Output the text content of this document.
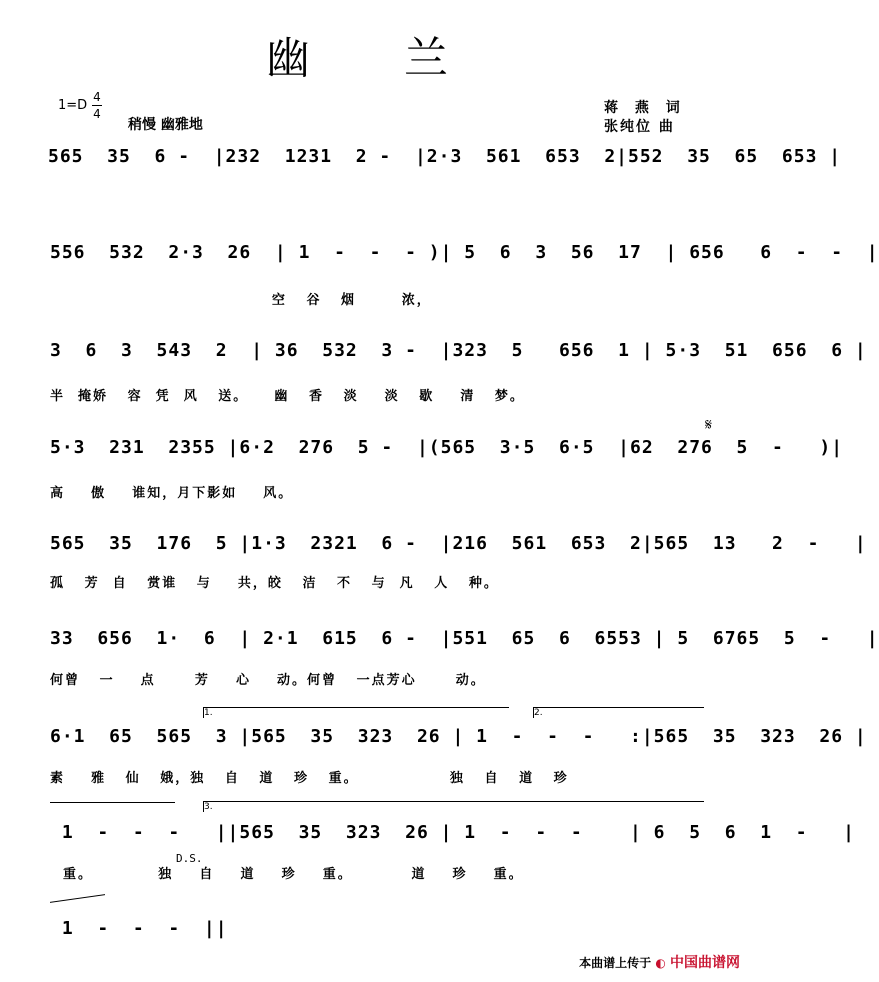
幽 兰
1=D
4
4
稍慢 幽雅地
蒋 燕 词
张纯位 曲
𝄋
565  35  6 -  |232  1231  2 -  |2·3  561  653  2|552  35  65  653 |
556  532  2·3  26  | 1  -  -  - )| 5  6  3  56  17  | 656   6  -  -  |
空   谷   烟       浓，
3  6  3  543  2  | 36  532  3 -  |323  5   656  1 | 5·3  51  656  6 |
半  掩娇   容  凭  风   送。    幽   香   淡    淡   歇    清   梦。
5·3  231  2355 |6·2  276  5 -  |(565  3·5  6·5  |62  276  5  -   )|
高    傲    谁知，月下影如    风。
565  35  176  5 |1·3  2321  6 -  |216  561  653  2|565  13   2  -   |
孤   芳  自   赏谁   与    共，皎   洁   不   与  凡   人   种。
33  656  1·  6  | 2·1  615  6 -  |551  65  6  6553 | 5  6765  5  -   |
何曾   一    点      芳    心    动。何曾   一点芳心      动。
1.	2.
6·1  65  565  3 |565  35  323  26 | 1  -  -  -   :|565  35  323  26 |
素    雅   仙   娥，独   自   道   珍   重。              独   自   道   珍
3.
1  -  -  -   ||565  35  323  26 | 1  -  -  -    | 6  5  6  1  -   |
D.S.
重。          独    自    道    珍    重。         道    珍    重。
1  -  -  -  ||
本曲谱上传于 ◐ 中国曲谱网
